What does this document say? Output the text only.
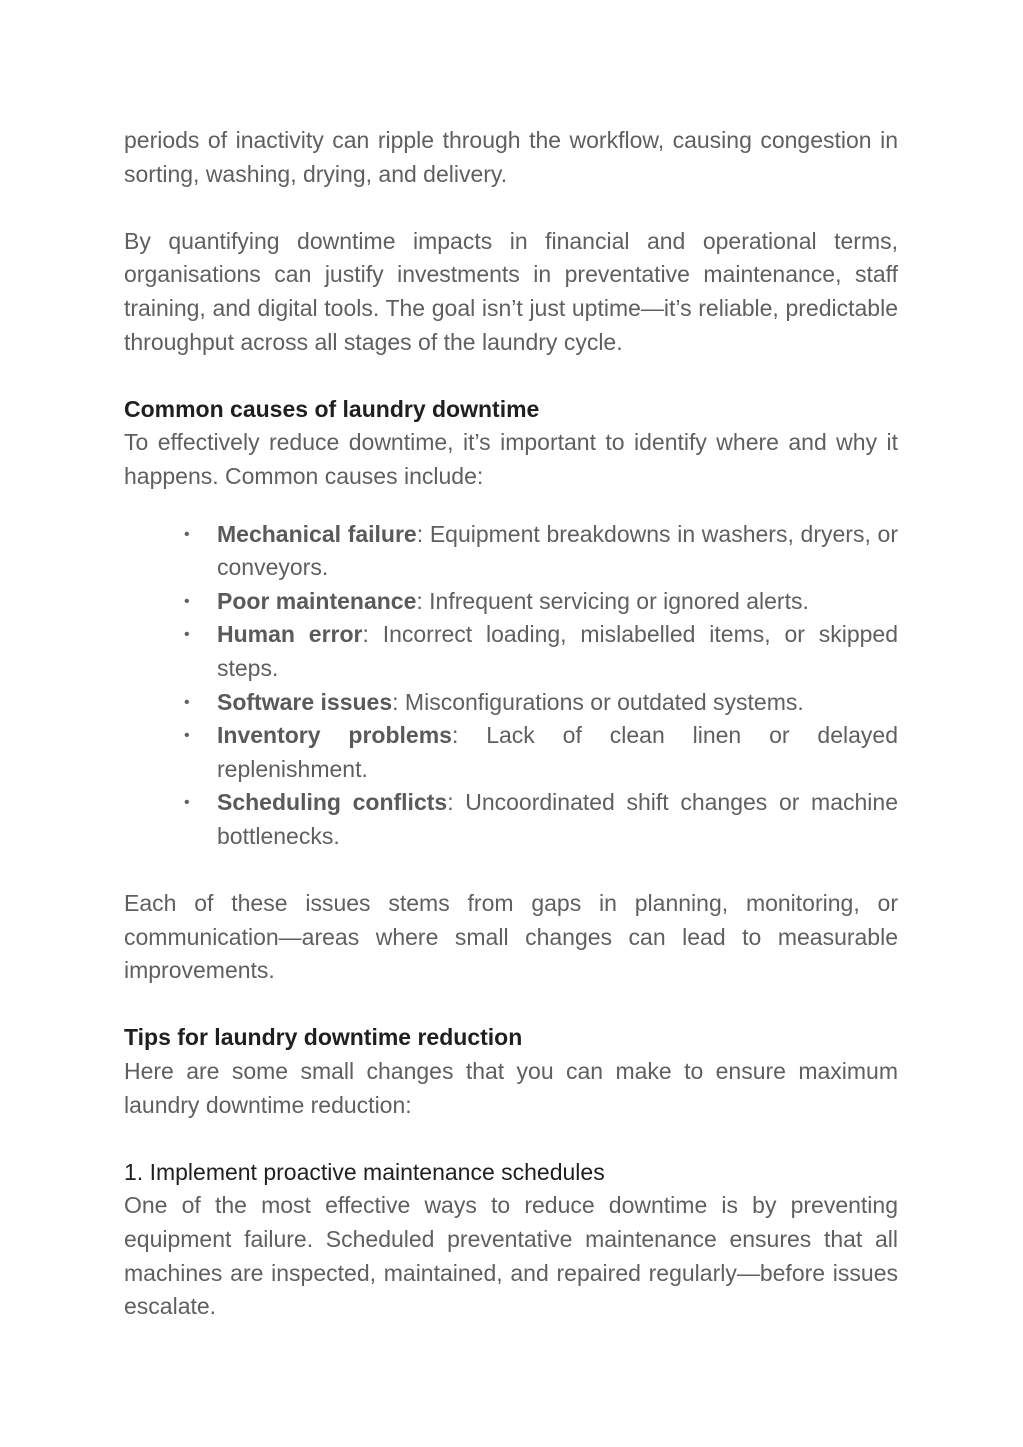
periods of inactivity can ripple through the workflow, causing congestion in sorting, washing, drying, and delivery.

By quantifying downtime impacts in financial and operational terms, organisations can justify investments in preventative maintenance, staff training, and digital tools. The goal isn’t just uptime—it’s reliable, predictable throughput across all stages of the laundry cycle.

Common causes of laundry downtime

To effectively reduce downtime, it’s important to identify where and why it happens. Common causes include:

• Mechanical failure: Equipment breakdowns in washers, dryers, or conveyors.
• Poor maintenance: Infrequent servicing or ignored alerts.
• Human error: Incorrect loading, mislabelled items, or skipped steps.
• Software issues: Misconfigurations or outdated systems.
• Inventory problems: Lack of clean linen or delayed replenishment.
• Scheduling conflicts: Uncoordinated shift changes or machine bottlenecks.

Each of these issues stems from gaps in planning, monitoring, or communication—areas where small changes can lead to measurable improvements.

Tips for laundry downtime reduction

Here are some small changes that you can make to ensure maximum laundry downtime reduction:

1. Implement proactive maintenance schedules

One of the most effective ways to reduce downtime is by preventing equipment failure. Scheduled preventative maintenance ensures that all machines are inspected, maintained, and repaired regularly—before issues escalate.
